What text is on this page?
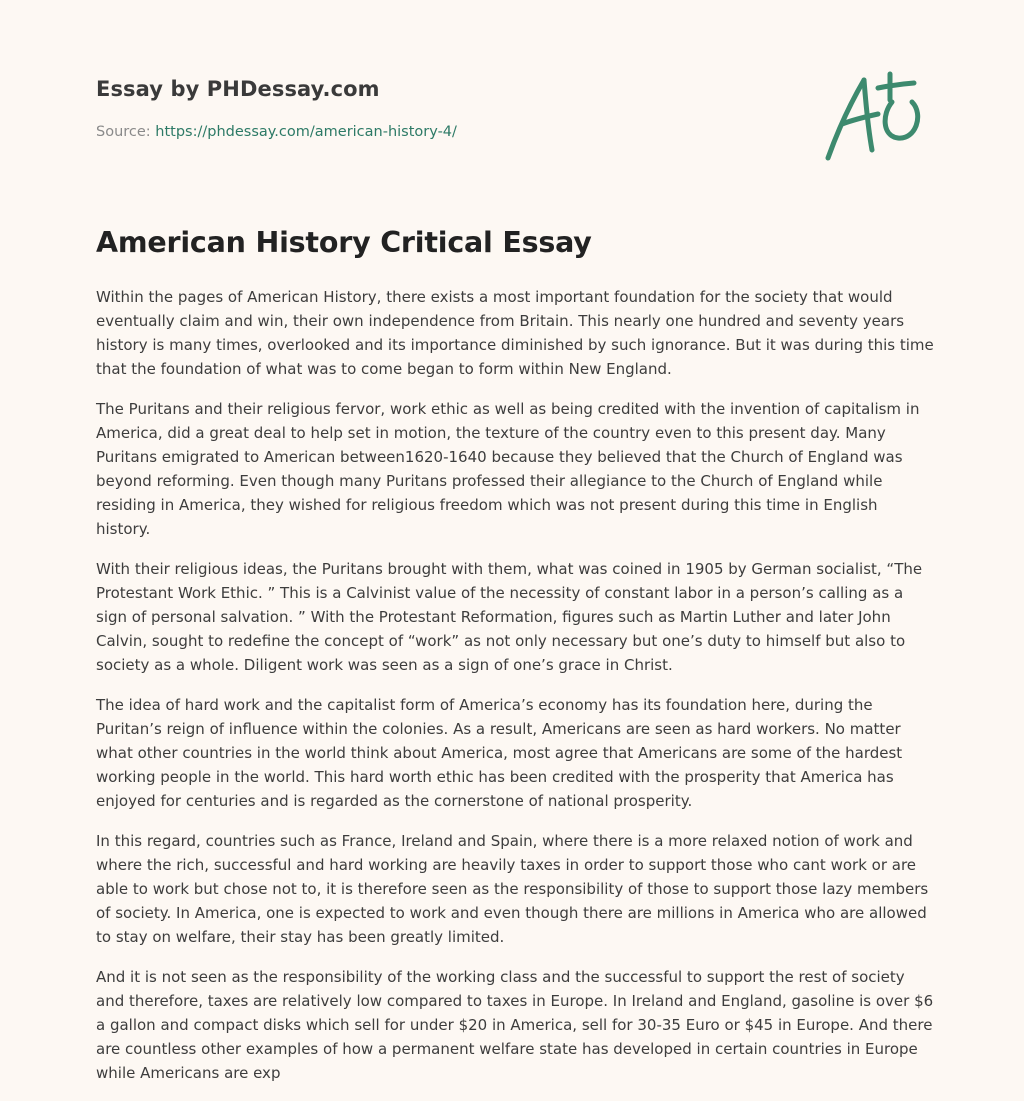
Essay by PHDessay.com
Source: https://phdessay.com/american-history-4/
American History Critical Essay

Within the pages of American History, there exists a most important foundation for the society that would eventually claim and win, their own independence from Britain. This nearly one hundred and seventy years history is many times, overlooked and its importance diminished by such ignorance. But it was during this time that the foundation of what was to come began to form within New England.

The Puritans and their religious fervor, work ethic as well as being credited with the invention of capitalism in America, did a great deal to help set in motion, the texture of the country even to this present day. Many Puritans emigrated to American between1620-1640 because they believed that the Church of England was beyond reforming. Even though many Puritans professed their allegiance to the Church of England while residing in America, they wished for religious freedom which was not present during this time in English history.

With their religious ideas, the Puritans brought with them, what was coined in 1905 by German socialist, “The Protestant Work Ethic. ” This is a Calvinist value of the necessity of constant labor in a person’s calling as a sign of personal salvation. ” With the Protestant Reformation, figures such as Martin Luther and later John Calvin, sought to redefine the concept of “work” as not only necessary but one’s duty to himself but also to society as a whole. Diligent work was seen as a sign of one’s grace in Christ.

The idea of hard work and the capitalist form of America’s economy has its foundation here, during the Puritan’s reign of influence within the colonies. As a result, Americans are seen as hard workers. No matter what other countries in the world think about America, most agree that Americans are some of the hardest working people in the world. This hard worth ethic has been credited with the prosperity that America has enjoyed for centuries and is regarded as the cornerstone of national prosperity.

In this regard, countries such as France, Ireland and Spain, where there is a more relaxed notion of work and where the rich, successful and hard working are heavily taxes in order to support those who cant work or are able to work but chose not to, it is therefore seen as the responsibility of those to support those lazy members of society. In America, one is expected to work and even though there are millions in America who are allowed to stay on welfare, their stay has been greatly limited.

And it is not seen as the responsibility of the working class and the successful to support the rest of society and therefore, taxes are relatively low compared to taxes in Europe. In Ireland and England, gasoline is over $6 a gallon and compact disks which sell for under $20 in America, sell for 30-35 Euro or $45 in Europe. And there are countless other examples of how a permanent welfare state has developed in certain countries in Europe while Americans are exp
